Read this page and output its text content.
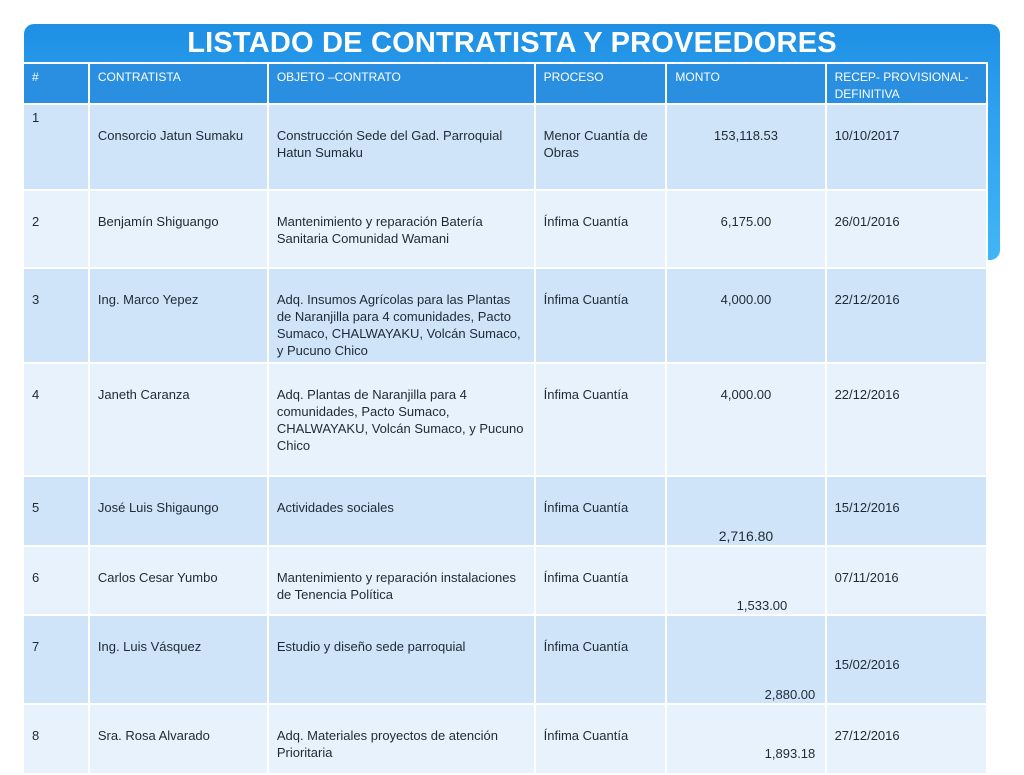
LISTADO DE CONTRATISTA Y PROVEEDORES
#	CONTRATISTA	OBJETO –CONTRATO	PROCESO	MONTO	RECEP- PROVISIONAL- DEFINITIVA
1	Consorcio Jatun Sumaku	Construcción Sede del Gad. Parroquial Hatun Sumaku	Menor Cuantía de Obras	153,118.53	10/10/2017
2	Benjamín Shiguango	Mantenimiento y reparación Batería Sanitaria Comunidad Wamani	Ínfima Cuantía	6,175.00	26/01/2016
3	Ing. Marco Yepez	Adq. Insumos Agrícolas para las Plantas de Naranjilla para 4 comunidades, Pacto Sumaco, CHALWAYAKU, Volcán Sumaco, y Pucuno Chico	Ínfima Cuantía	4,000.00	22/12/2016
4	Janeth Caranza	Adq. Plantas de Naranjilla para 4 comunidades, Pacto Sumaco, CHALWAYAKU, Volcán Sumaco, y Pucuno Chico	Ínfima Cuantía	4,000.00	22/12/2016
5	José Luis Shigaungo	Actividades sociales	Ínfima Cuantía	2,716.80	15/12/2016
6	Carlos Cesar Yumbo	Mantenimiento y reparación instalaciones de Tenencia Política	Ínfima Cuantía	1,533.00	07/11/2016
7	Ing. Luis Vásquez	Estudio y diseño sede parroquial	Ínfima Cuantía	2,880.00	15/02/2016
8	Sra. Rosa Alvarado	Adq. Materiales proyectos de atención Prioritaria	Ínfima Cuantía	1,893.18	27/12/2016
